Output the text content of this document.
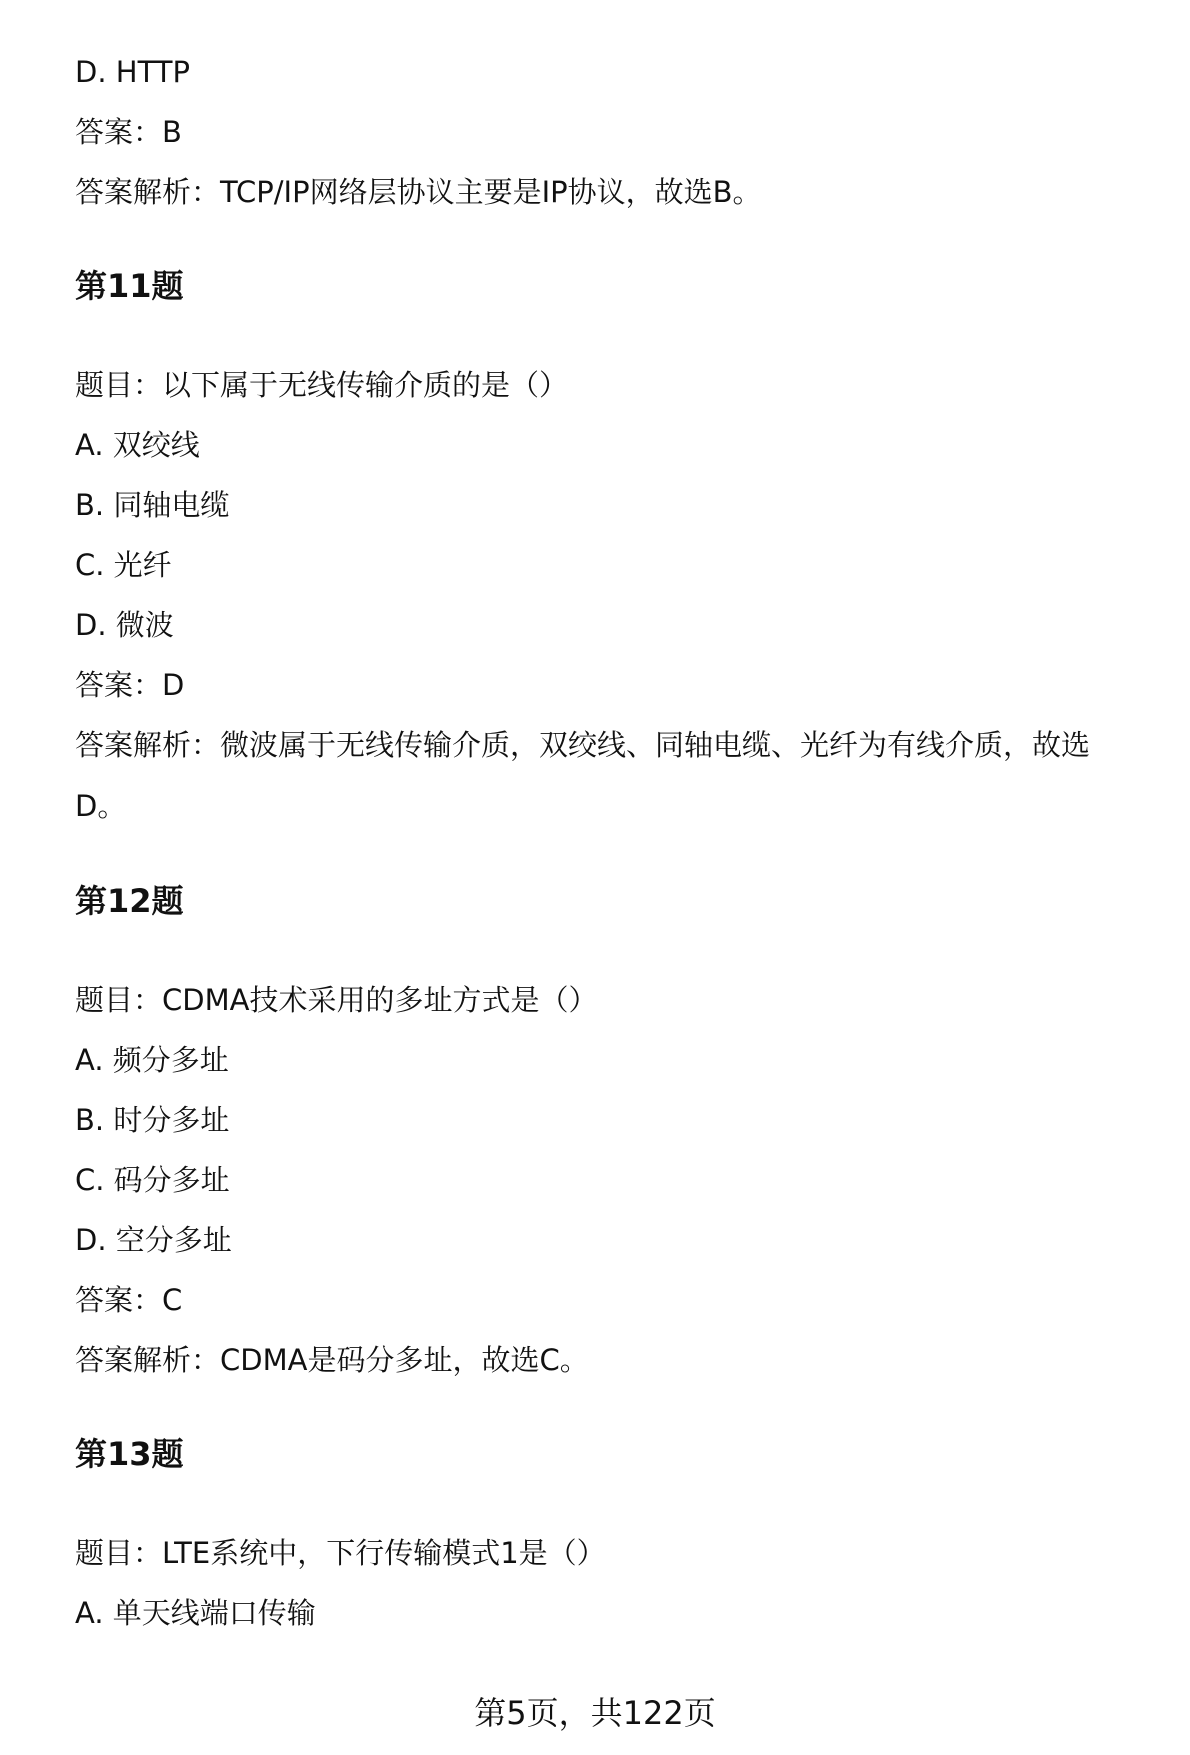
D. HTTP

答案：B

答案解析：TCP/IP网络层协议主要是IP协议，故选B。

第11题

题目：以下属于无线传输介质的是（）

A. 双绞线

B. 同轴电缆

C. 光纤

D. 微波

答案：D

答案解析：微波属于无线传输介质，双绞线、同轴电缆、光纤为有线介质，故选D。

第12题

题目：CDMA技术采用的多址方式是（）

A. 频分多址

B. 时分多址

C. 码分多址

D. 空分多址

答案：C

答案解析：CDMA是码分多址，故选C。

第13题

题目：LTE系统中，下行传输模式1是（）

A. 单天线端口传输

第5页，共122页
